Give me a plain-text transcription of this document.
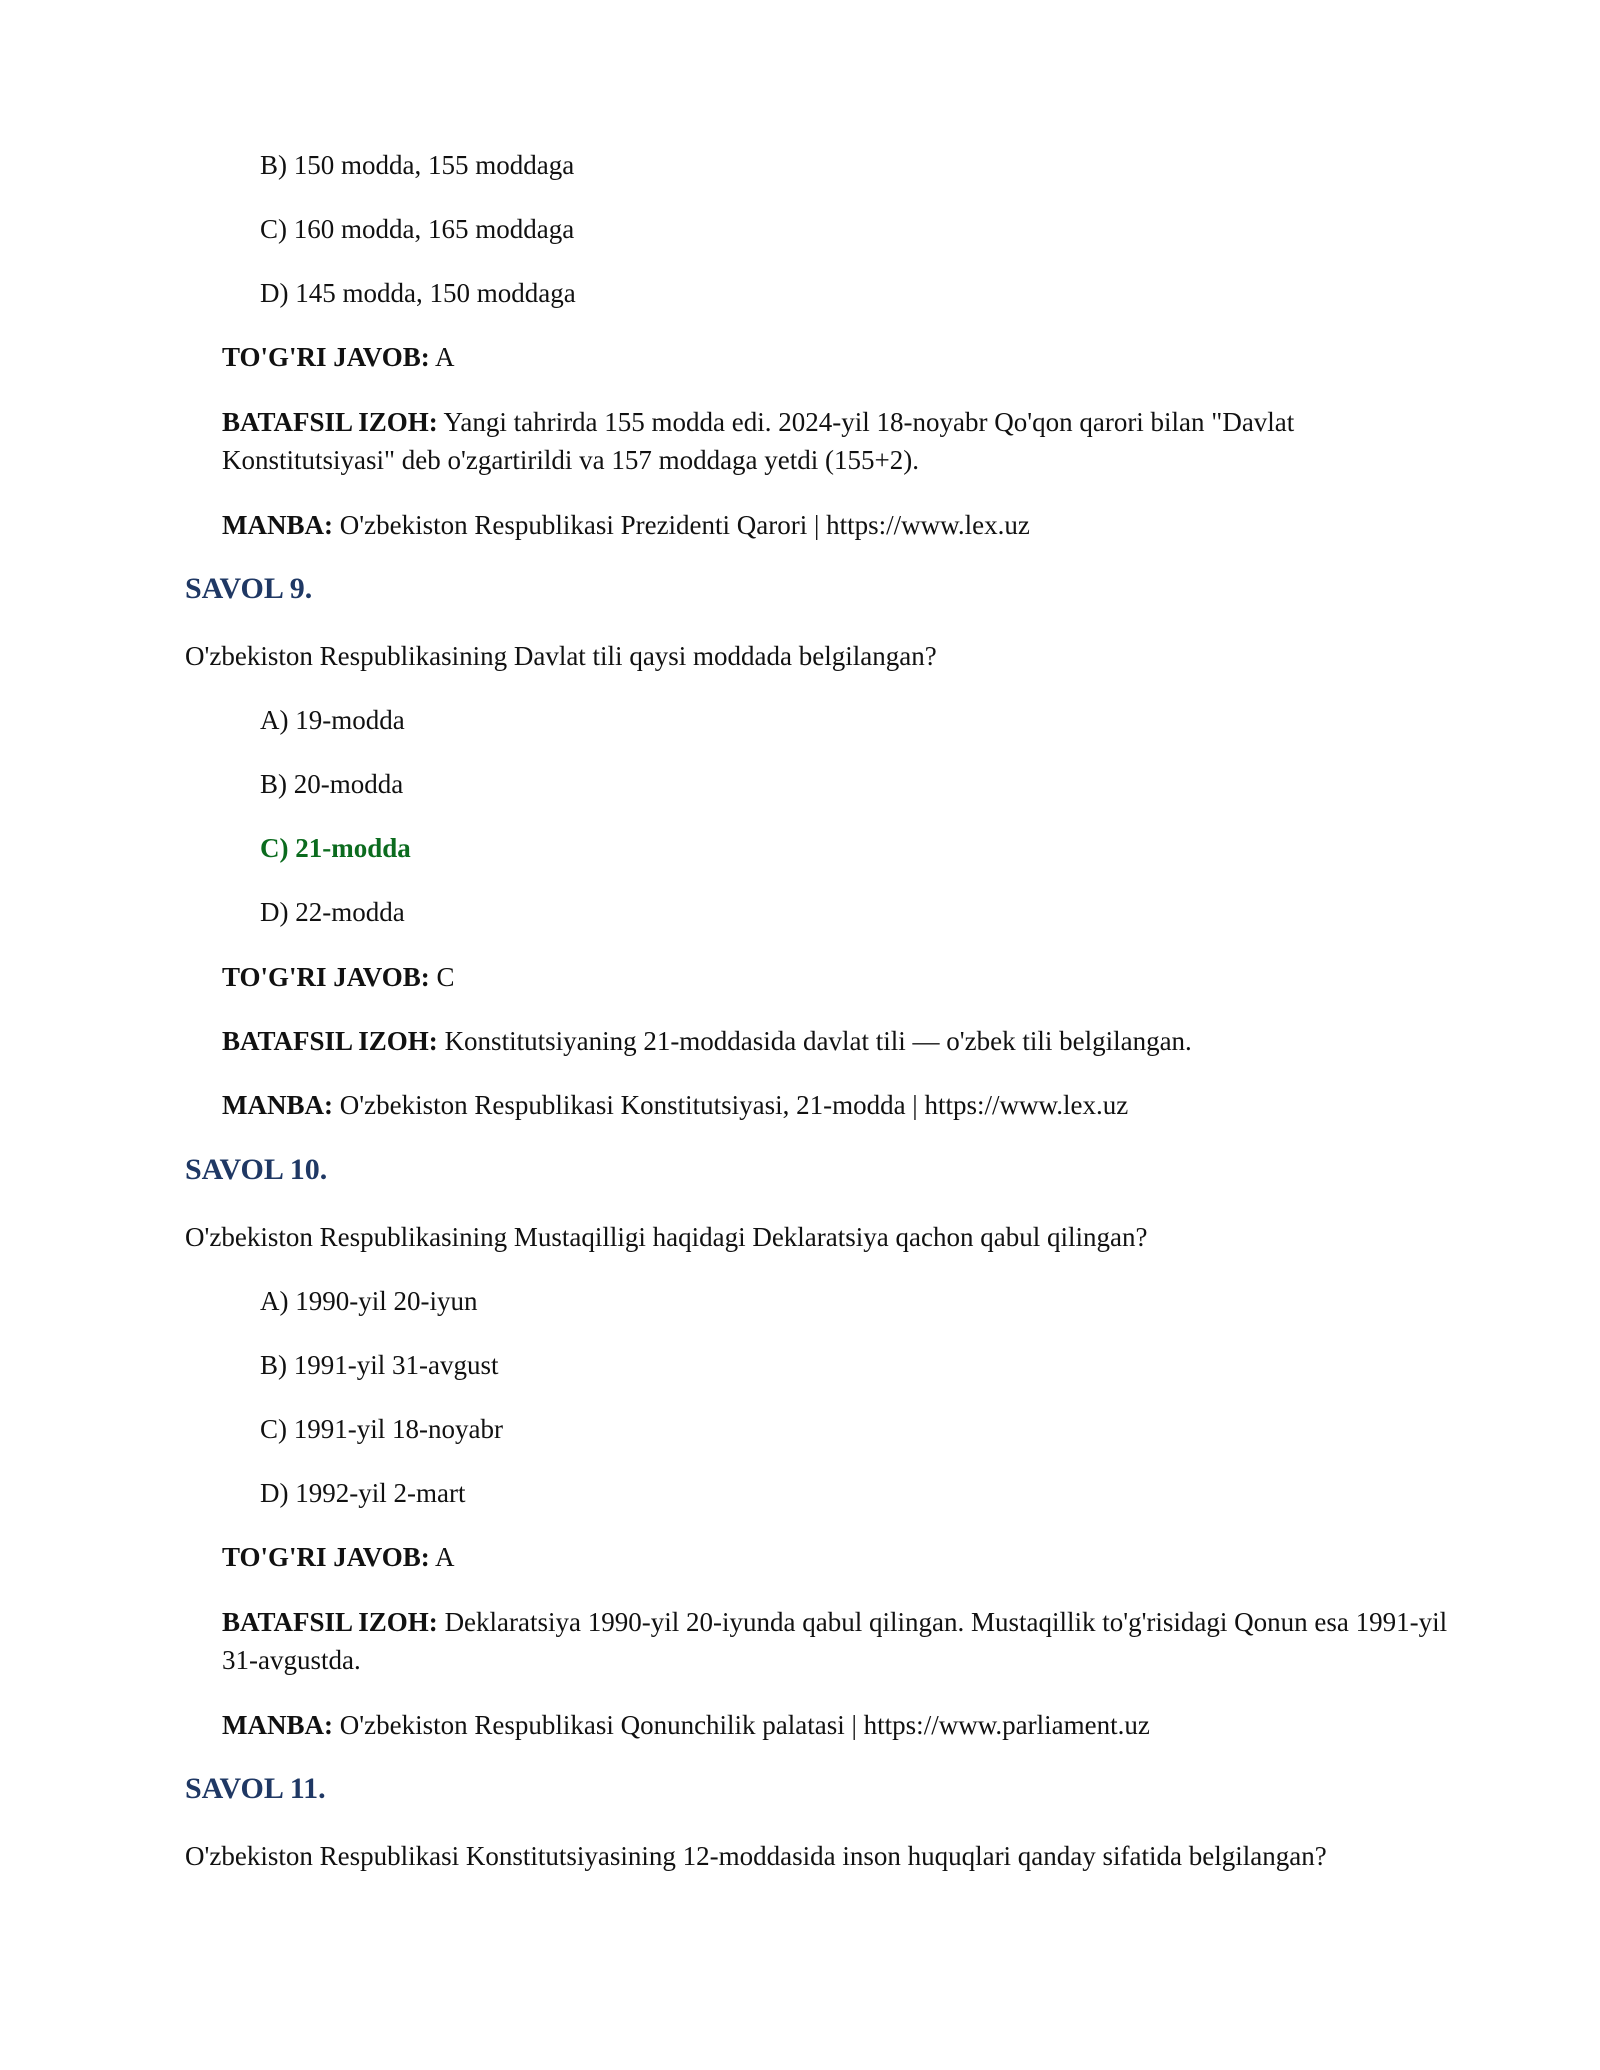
B) 150 modda, 155 moddaga
C) 160 modda, 165 moddaga
D) 145 modda, 150 moddaga
TO'G'RI JAVOB: A
BATAFSIL IZOH: Yangi tahrirda 155 modda edi. 2024-yil 18-noyabr Qo'qon qarori bilan "Davlat Konstitutsiyasi" deb o'zgartirildi va 157 moddaga yetdi (155+2).
MANBA: O'zbekiston Respublikasi Prezidenti Qarori | https://www.lex.uz
SAVOL 9.
O'zbekiston Respublikasining Davlat tili qaysi moddada belgilangan?
A) 19-modda
B) 20-modda
C) 21-modda
D) 22-modda
TO'G'RI JAVOB: C
BATAFSIL IZOH: Konstitutsiyaning 21-moddasida davlat tili — o'zbek tili belgilangan.
MANBA: O'zbekiston Respublikasi Konstitutsiyasi, 21-modda | https://www.lex.uz
SAVOL 10.
O'zbekiston Respublikasining Mustaqilligi haqidagi Deklaratsiya qachon qabul qilingan?
A) 1990-yil 20-iyun
B) 1991-yil 31-avgust
C) 1991-yil 18-noyabr
D) 1992-yil 2-mart
TO'G'RI JAVOB: A
BATAFSIL IZOH: Deklaratsiya 1990-yil 20-iyunda qabul qilingan. Mustaqillik to'g'risidagi Qonun esa 1991-yil 31-avgustda.
MANBA: O'zbekiston Respublikasi Qonunchilik palatasi | https://www.parliament.uz
SAVOL 11.
O'zbekiston Respublikasi Konstitutsiyasining 12-moddasida inson huquqlari qanday sifatida belgilangan?
